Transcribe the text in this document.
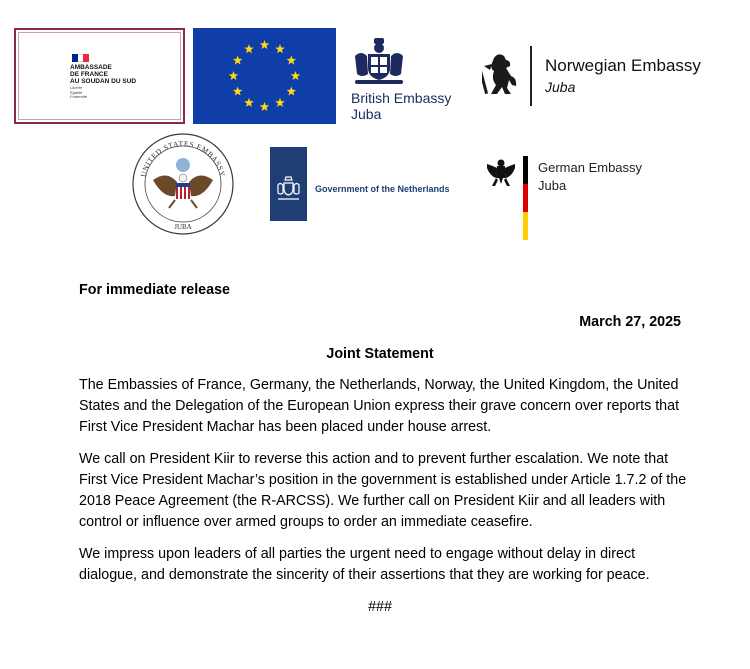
AMBASSADE
DE FRANCE
AU SOUDAN DU SUD
Liberté
Égalité
Fraternité	British Embassy
Juba
Norwegian Embassy
Juba
UNITED STATES EMBASSY
JUBA
Government of the Netherlands
German Embassy
Juba
For immediate release
March 27, 2025
Joint Statement
The Embassies of France, Germany, the Netherlands, Norway, the United Kingdom, the United States and the Delegation of the European Union express their grave concern over reports that First Vice President Machar has been placed under house arrest.
We call on President Kiir to reverse this action and to prevent further escalation. We note that First Vice President Machar’s position in the government is established under Article 1.7.2 of the 2018 Peace Agreement (the R-ARCSS). We further call on President Kiir and all leaders with control or influence over armed groups to order an immediate ceasefire.
We impress upon leaders of all parties the urgent need to engage without delay in direct dialogue, and demonstrate the sincerity of their assertions that they are working for peace.
###
